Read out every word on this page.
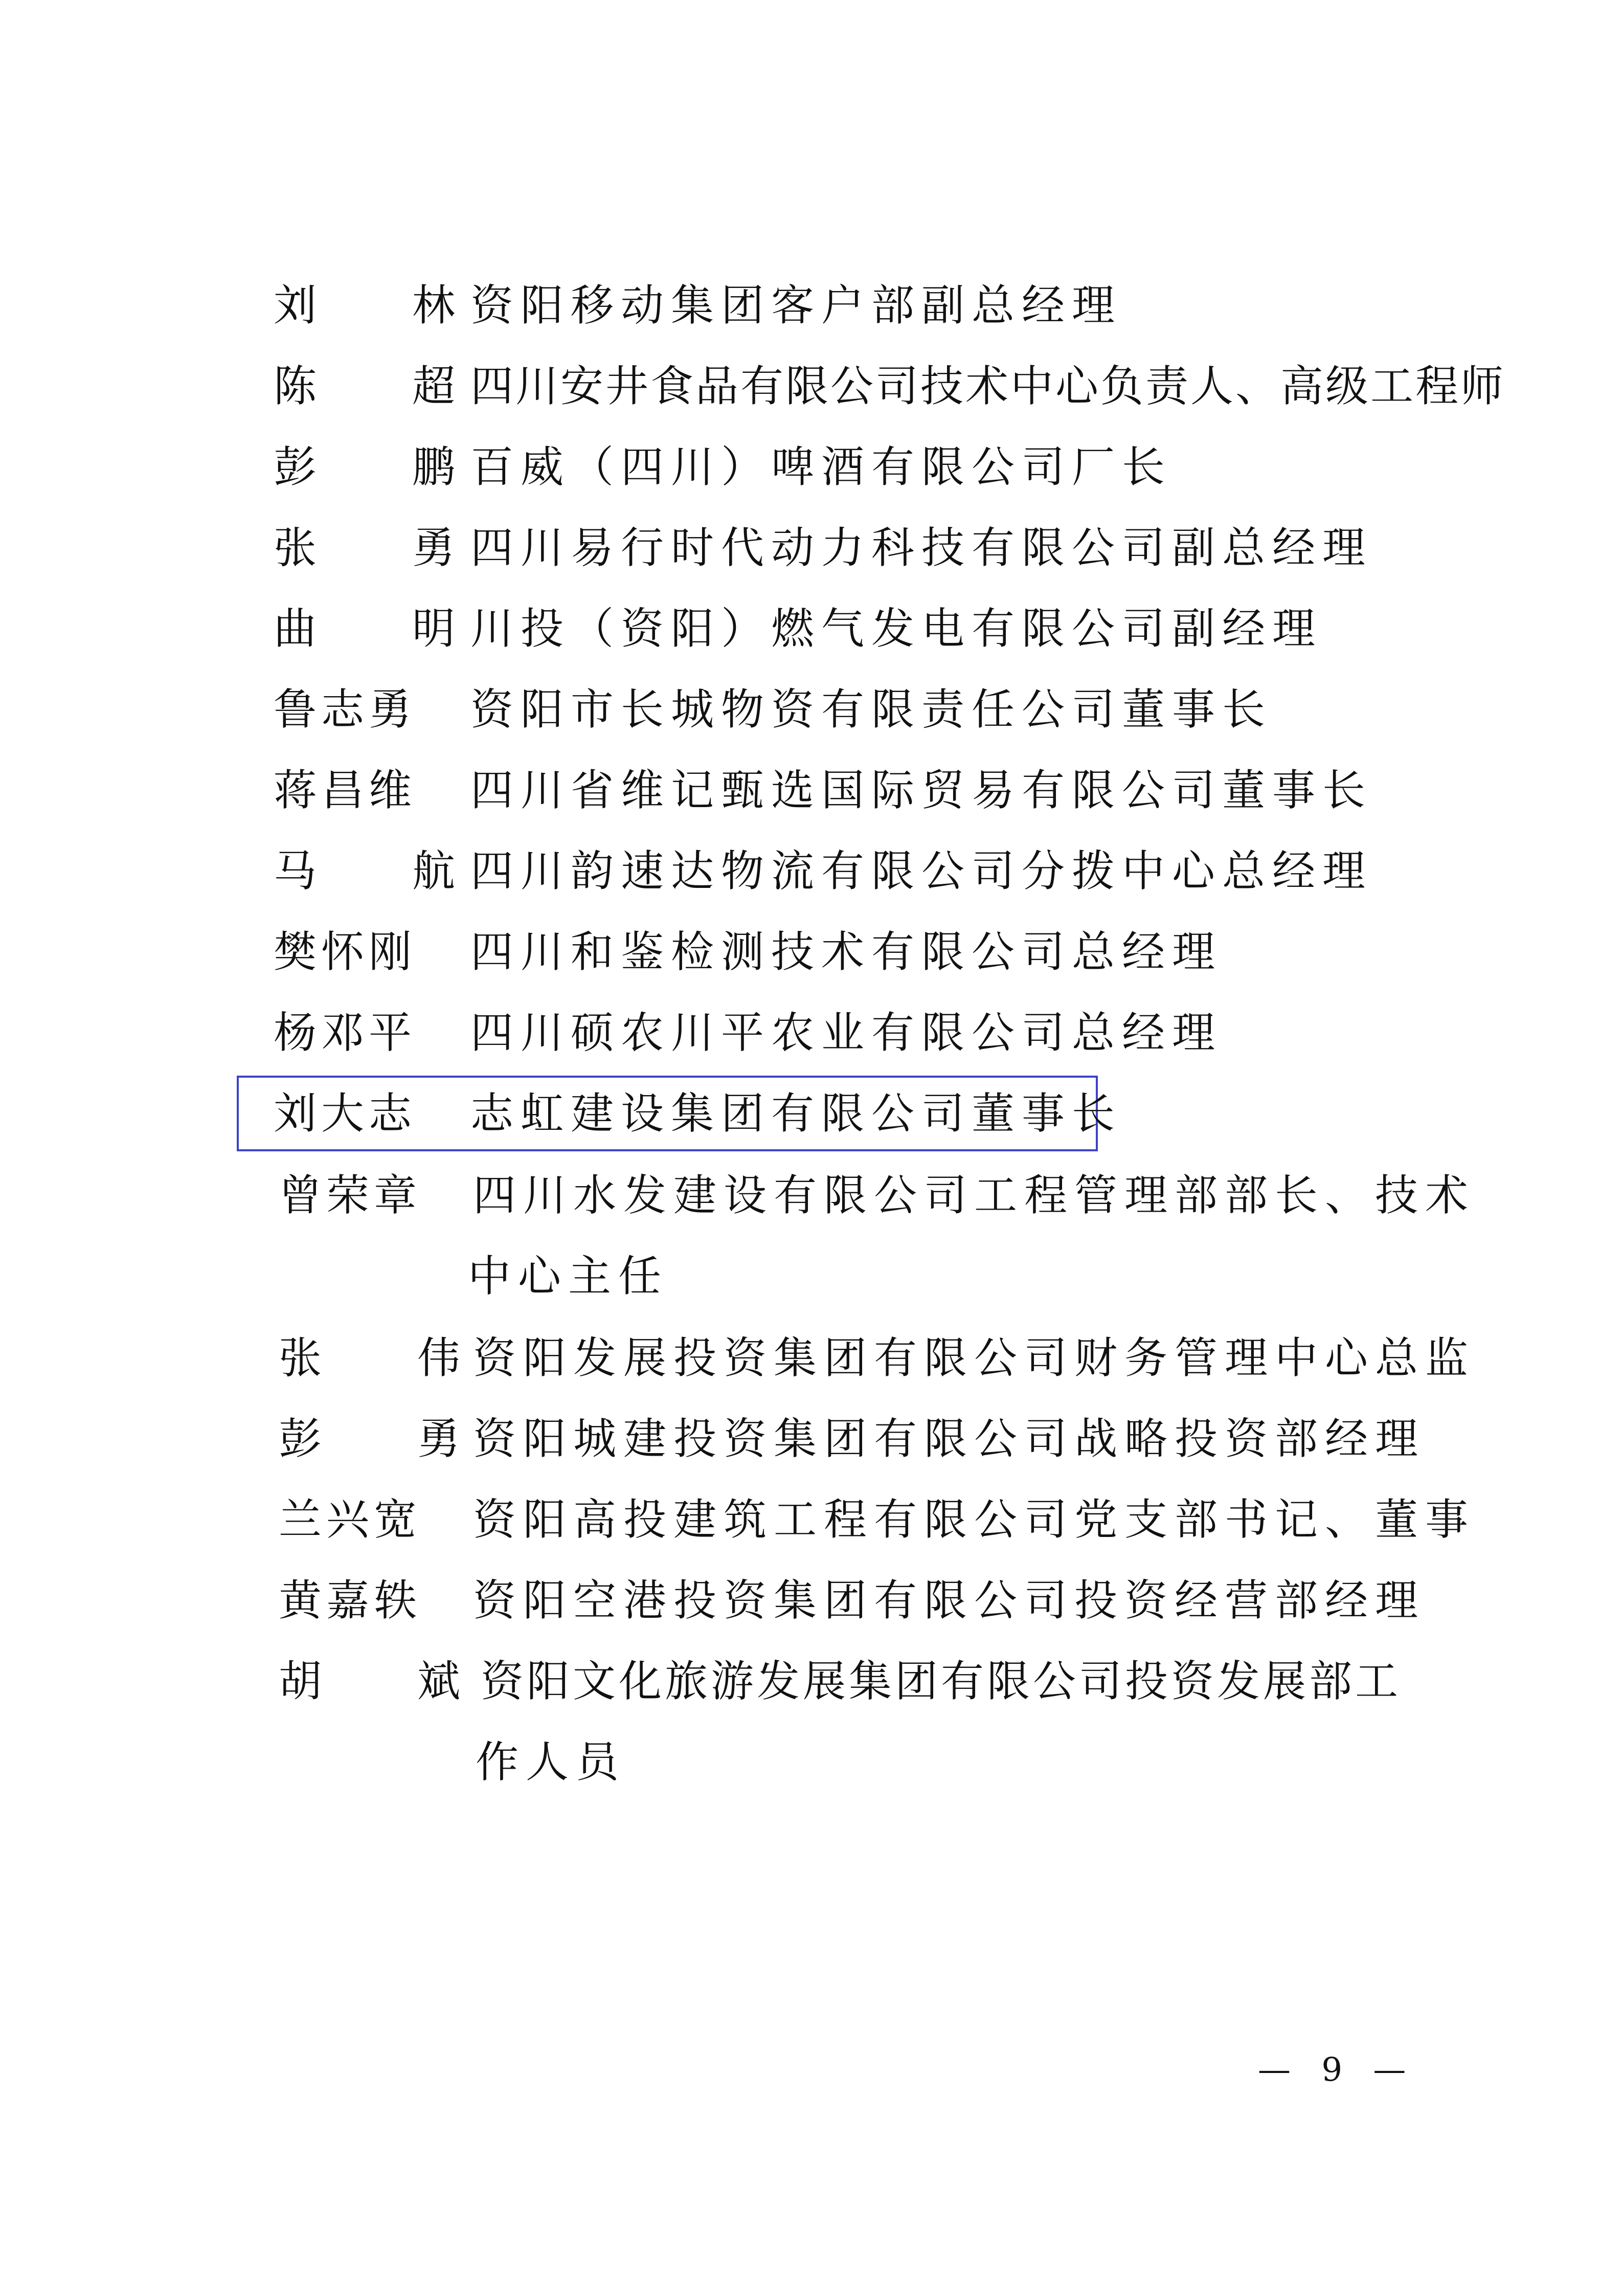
刘 林 资阳移动集团客户部副总经理
陈 超 四川安井食品有限公司技术中心负责人、高级工程师
彭 鹏 百威（四川）啤酒有限公司厂长
张 勇 四川易行时代动力科技有限公司副总经理
曲 明 川投（资阳）燃气发电有限公司副经理
鲁 志 勇 资阳市长城物资有限责任公司董事长
蒋 昌 维 四川省维记甄选国际贸易有限公司董事长
马 航 四川韵速达物流有限公司分拨中心总经理
樊 怀 刚 四川和鉴检测技术有限公司总经理
杨 邓 平 四川硕农川平农业有限公司总经理
刘 大 志 志虹建设集团有限公司董事长
曾 荣 章 四川水发建设有限公司工程管理部部长、技术
中心主任
张 伟 资阳发展投资集团有限公司财务管理中心总监
彭 勇 资阳城建投资集团有限公司战略投资部经理
兰 兴 宽 资阳高投建筑工程有限公司党支部书记、董事
黄 嘉 轶 资阳空港投资集团有限公司投资经营部经理
胡 斌 资阳文化旅游发展集团有限公司投资发展部工
作人员
— 9 —
